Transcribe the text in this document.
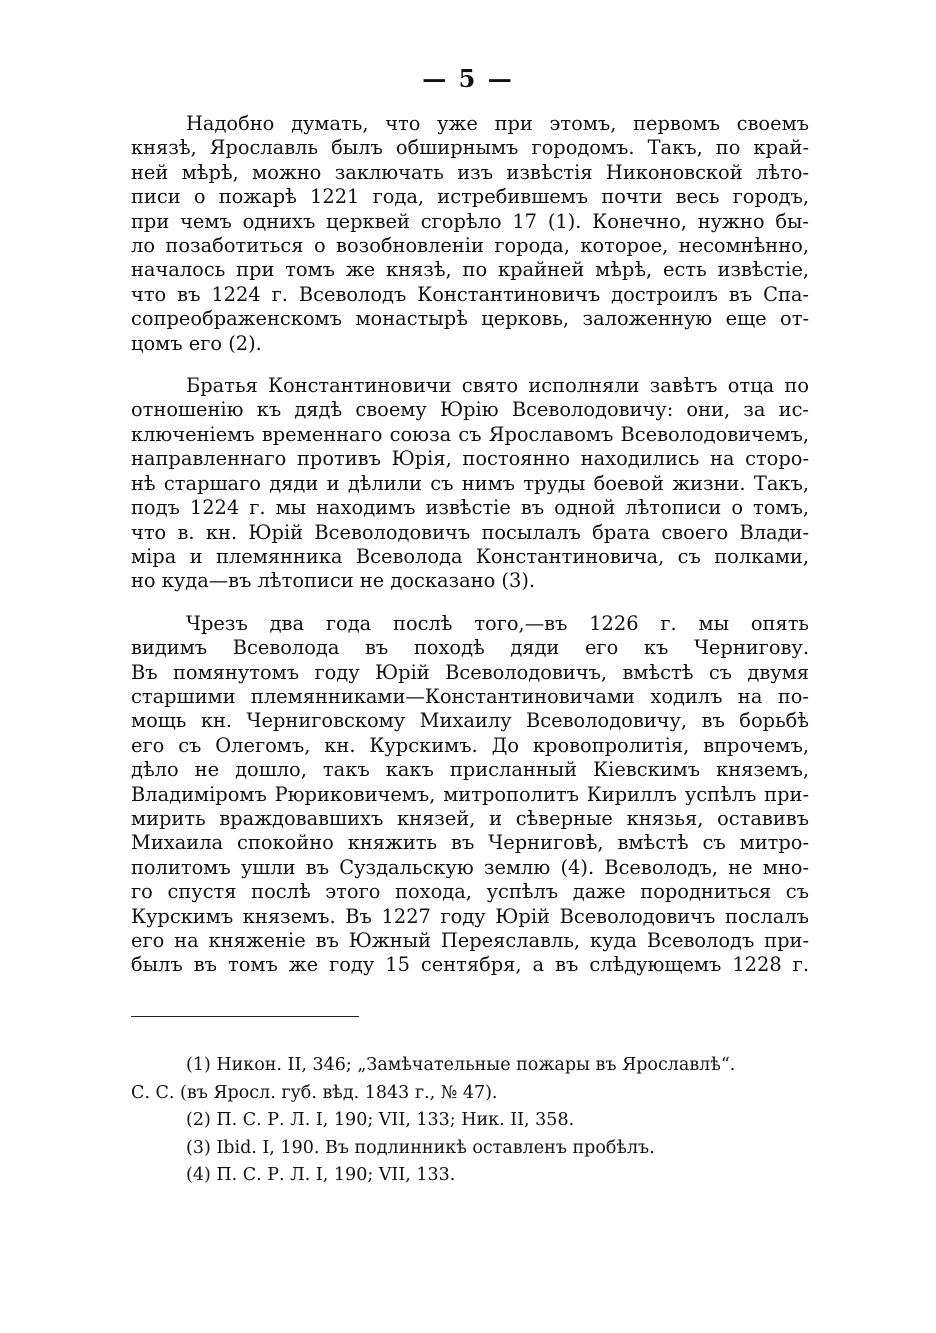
— 5 —
Надобно думать, что уже при этомъ, первомъ своемъ
князѣ, Ярославль былъ обширнымъ городомъ. Такъ, по край-
ней мѣрѣ, можно заключать изъ извѣстія Никоновской лѣто-
писи о пожарѣ 1221 года, истребившемъ почти весь городъ,
при чемъ однихъ церквей сгорѣло 17 (1). Конечно, нужно бы-
ло позаботиться о возобновленіи города, которое, несомнѣнно,
началось при томъ же князѣ, по крайней мѣрѣ, есть извѣстіе,
что въ 1224 г. Всеволодъ Константиновичъ достроилъ въ Спа-
сопреображенскомъ монастырѣ церковь, заложенную еще от-
цомъ его (2).
Братья Константиновичи свято исполняли завѣтъ отца по
отношенію къ дядѣ своему Юрію Всеволодовичу: они, за ис-
ключеніемъ временнаго союза съ Ярославомъ Всеволодовичемъ,
направленнаго противъ Юрія, постоянно находились на сторо-
нѣ старшаго дяди и дѣлили съ нимъ труды боевой жизни. Такъ,
подъ 1224 г. мы находимъ извѣстіе въ одной лѣтописи о томъ,
что в. кн. Юрій Всеволодовичъ посылалъ брата своего Влади-
міра и племянника Всеволода Константиновича, съ полками,
но куда—въ лѣтописи не досказано (3).
Чрезъ два года послѣ того,—въ 1226 г. мы опять
видимъ Всеволода въ походѣ дяди его къ Чернигову.
Въ помянутомъ году Юрій Всеволодовичъ, вмѣстѣ съ двумя
старшими племянниками—Константиновичами ходилъ на по-
мощь кн. Черниговскому Михаилу Всеволодовичу, въ борьбѣ
его съ Олегомъ, кн. Курскимъ. До кровопролитія, впрочемъ,
дѣло не дошло, такъ какъ присланный Кіевскимъ княземъ,
Владиміромъ Рюриковичемъ, митрополитъ Кириллъ успѣлъ при-
мирить враждовавшихъ князей, и сѣверные князья, оставивъ
Михаила спокойно княжить въ Черниговѣ, вмѣстѣ съ митро-
политомъ ушли въ Суздальскую землю (4). Всеволодъ, не мно-
го спустя послѣ этого похода, успѣлъ даже породниться съ
Курскимъ княземъ. Въ 1227 году Юрій Всеволодовичъ послалъ
его на княженіе въ Южный Переяславль, куда Всеволодъ при-
былъ въ томъ же году 15 сентября, а въ слѣдующемъ 1228 г.
(1) Никон. II, 346; „Замѣчательные пожары въ Ярославлѣ“.
С. С. (въ Яросл. губ. вѣд. 1843 г., № 47).
(2) П. С. Р. Л. I, 190; VII, 133; Ник. II, 358.
(3) Ibid. I, 190. Въ подлинникѣ оставленъ пробѣлъ.
(4) П. С. Р. Л. I, 190; VII, 133.
